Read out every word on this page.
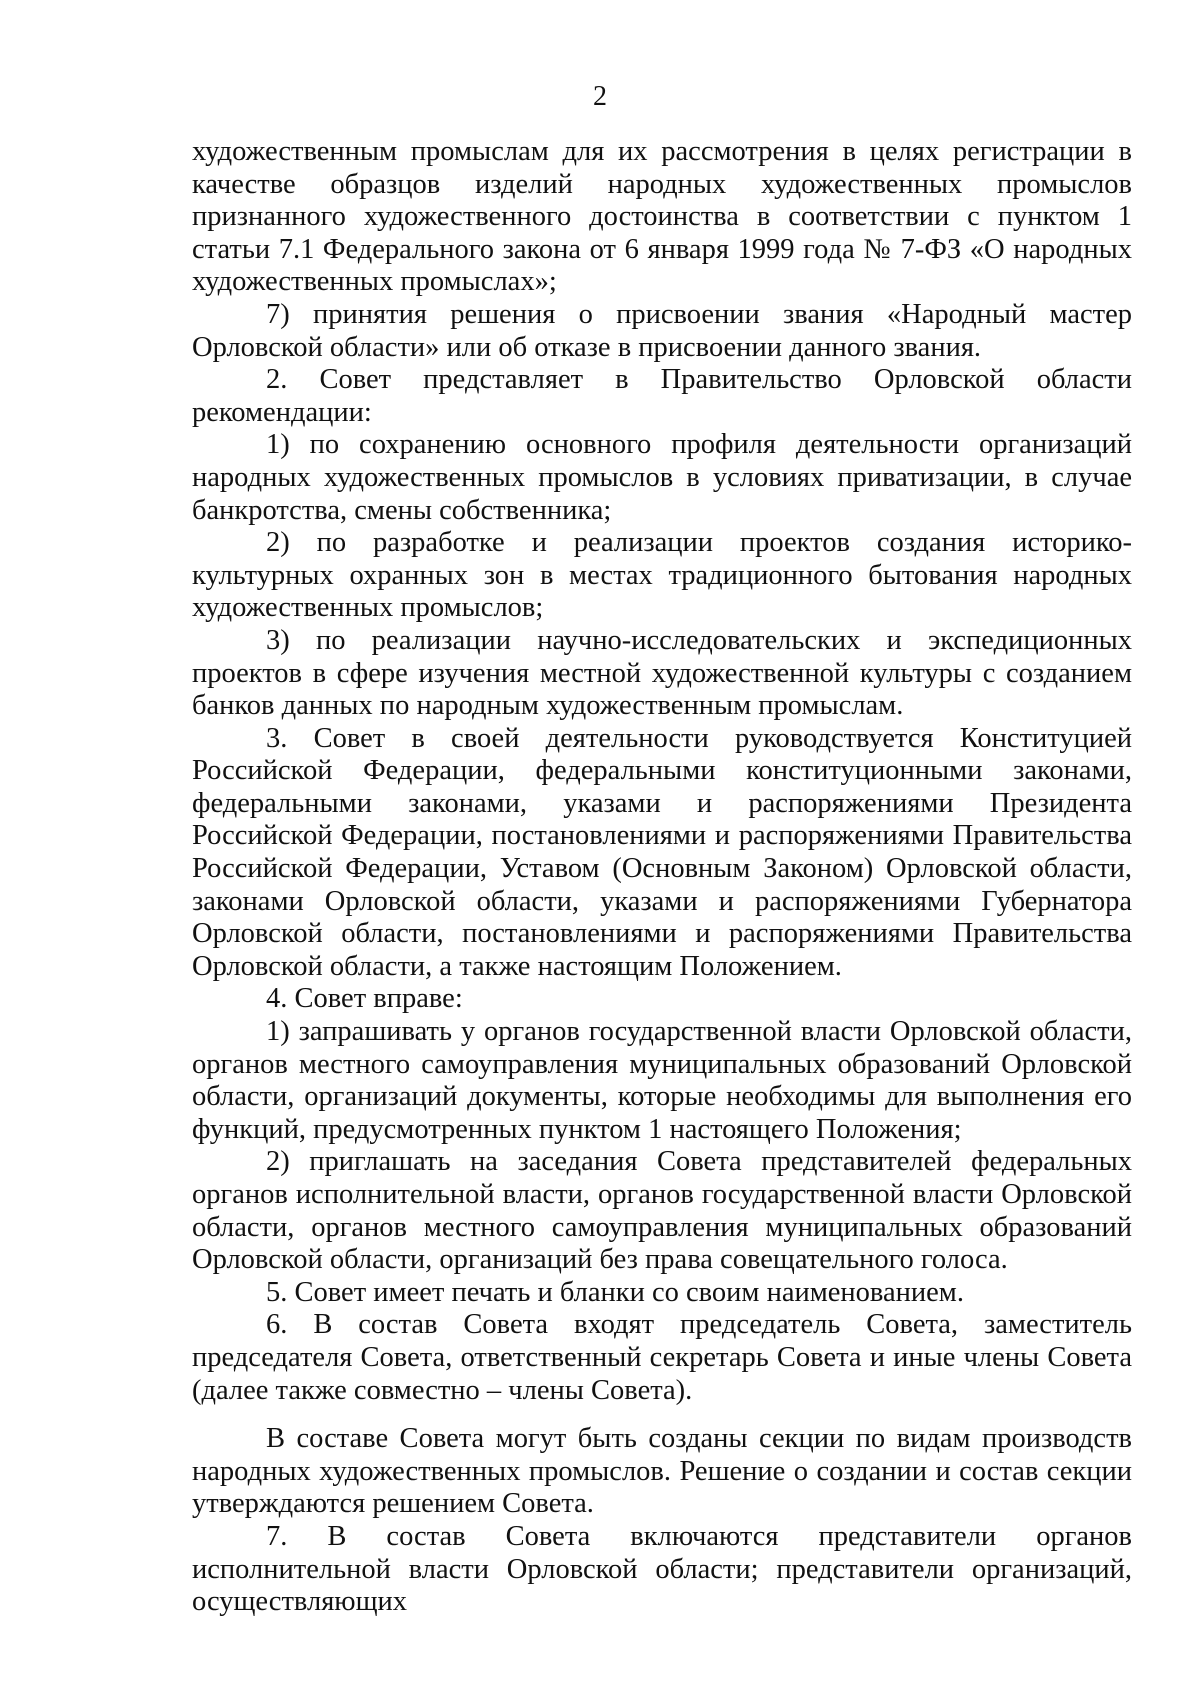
2

художественным промыслам для их рассмотрения в целях регистрации в качестве образцов изделий народных художественных промыслов признанного художественного достоинства в соответствии с пунктом 1 статьи 7.1 Федерального закона от 6 января 1999 года № 7-ФЗ «О народных художественных промыслах»;

7) принятия решения о присвоении звания «Народный мастер Орловской области» или об отказе в присвоении данного звания.

2. Совет представляет в Правительство Орловской области рекомендации:

1) по сохранению основного профиля деятельности организаций народных художественных промыслов в условиях приватизации, в случае банкротства, смены собственника;

2) по разработке и реализации проектов создания историко-культурных охранных зон в местах традиционного бытования народных художественных промыслов;

3) по реализации научно-исследовательских и экспедиционных проектов в сфере изучения местной художественной культуры с созданием банков данных по народным художественным промыслам.

3. Совет в своей деятельности руководствуется Конституцией Российской Федерации, федеральными конституционными законами, федеральными законами, указами и распоряжениями Президента Российской Федерации, постановлениями и распоряжениями Правительства Российской Федерации, Уставом (Основным Законом) Орловской области, законами Орловской области, указами и распоряжениями Губернатора Орловской области, постановлениями и распоряжениями Правительства Орловской области, а также настоящим Положением.

4. Совет вправе:

1) запрашивать у органов государственной власти Орловской области, органов местного самоуправления муниципальных образований Орловской области, организаций документы, которые необходимы для выполнения его функций, предусмотренных пунктом 1 настоящего Положения;

2) приглашать на заседания Совета представителей федеральных органов исполнительной власти, органов государственной власти Орловской области, органов местного самоуправления муниципальных образований Орловской области, организаций без права совещательного голоса.

5. Совет имеет печать и бланки со своим наименованием.

6. В состав Совета входят председатель Совета, заместитель председателя Совета, ответственный секретарь Совета и иные члены Совета (далее также совместно – члены Совета).

В составе Совета могут быть созданы секции по видам производств народных художественных промыслов. Решение о создании и состав секции утверждаются решением Совета.

7. В состав Совета включаются представители органов исполнительной власти Орловской области; представители организаций, осуществляющих
